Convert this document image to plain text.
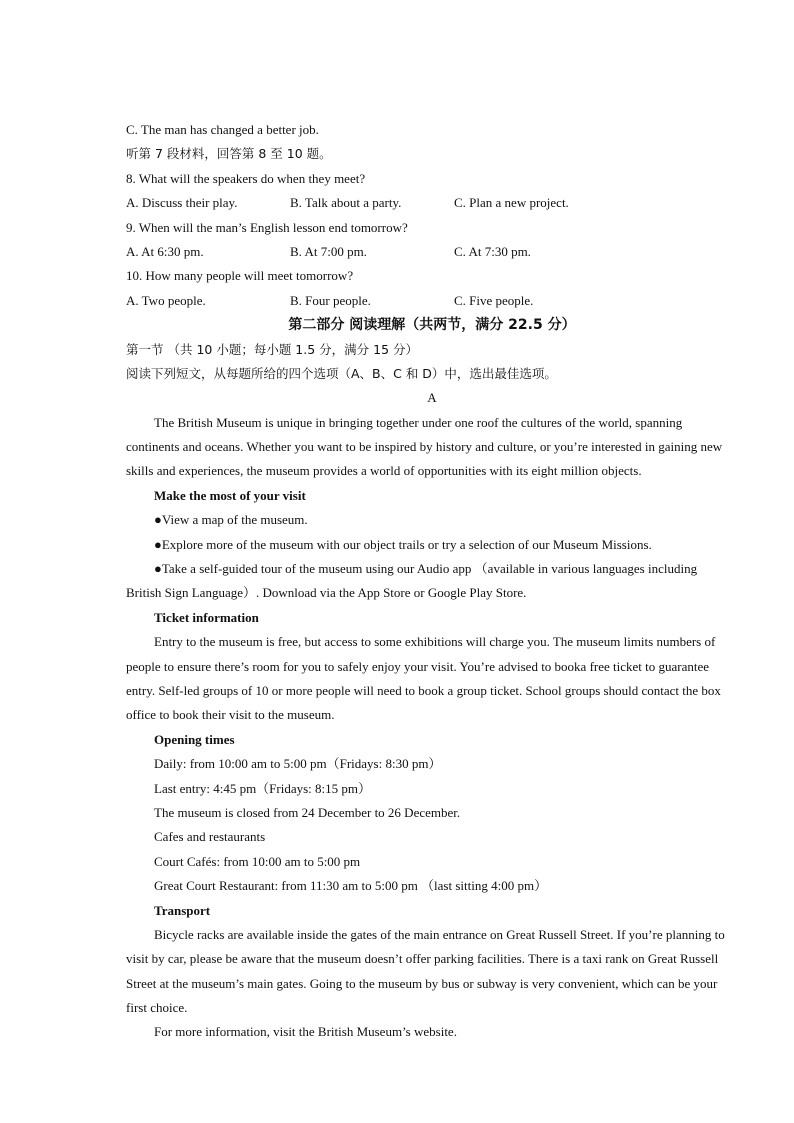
C. The man has changed a better job.
听第 7 段材料，回答第 8 至 10 题。
8. What will the speakers do when they meet?
A. Discuss their play.	B. Talk about a party.	C. Plan a new project.
9. When will the man’s English lesson end tomorrow?
A. At 6:30 pm.	B. At 7:00 pm.	C. At 7:30 pm.
10. How many people will meet tomorrow?
A. Two people.	B. Four people.	C. Five people.
第二部分 阅读理解（共两节，满分 22.5 分）
第一节 （共 10 小题；每小题 1.5 分，满分 15 分）
阅读下列短文，从每题所给的四个选项（A、B、C 和 D）中，选出最佳选项。
A
The British Museum is unique in bringing together under one roof the cultures of the world, spanning
continents and oceans. Whether you want to be inspired by history and culture, or you’re interested in gaining new
skills and experiences, the museum provides a world of opportunities with its eight million objects.
Make the most of your visit
●View a map of the museum.
●Explore more of the museum with our object trails or try a selection of our Museum Missions.
●Take a self-guided tour of the museum using our Audio app （available in various languages including
British Sign Language）. Download via the App Store or Google Play Store.
Ticket information
Entry to the museum is free, but access to some exhibitions will charge you. The museum limits numbers of
people to ensure there’s room for you to safely enjoy your visit. You’re advised to booka free ticket to guarantee
entry. Self-led groups of 10 or more people will need to book a group ticket. School groups should contact the box
office to book their visit to the museum.
Opening times
Daily: from 10:00 am to 5:00 pm（Fridays: 8:30 pm）
Last entry: 4:45 pm（Fridays: 8:15 pm）
The museum is closed from 24 December to 26 December.
Cafes and restaurants
Court Cafés: from 10:00 am to 5:00 pm
Great Court Restaurant: from 11:30 am to 5:00 pm （last sitting 4:00 pm）
Transport
Bicycle racks are available inside the gates of the main entrance on Great Russell Street. If you’re planning to
visit by car, please be aware that the museum doesn’t offer parking facilities. There is a taxi rank on Great Russell
Street at the museum’s main gates. Going to the museum by bus or subway is very convenient, which can be your
first choice.
For more information, visit the British Museum’s website.
